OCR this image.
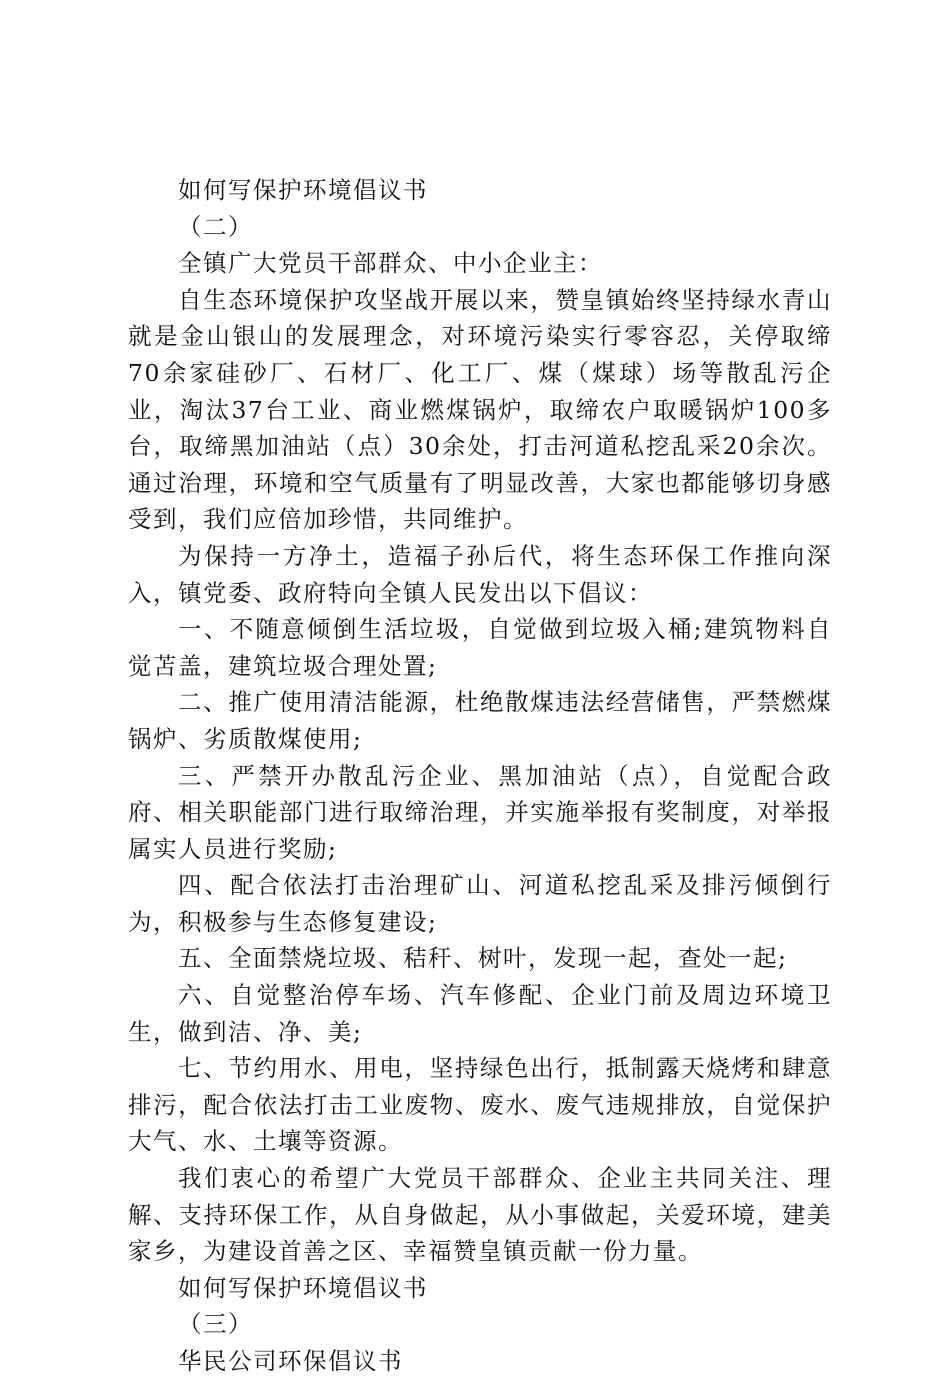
如何写保护环境倡议书

（二）

全镇广大党员干部群众、中小企业主：

自生态环境保护攻坚战开展以来，赞皇镇始终坚持绿水青山就是金山银山的发展理念，对环境污染实行零容忍，关停取缔70余家硅砂厂、石材厂、化工厂、煤（煤球）场等散乱污企业，淘汰37台工业、商业燃煤锅炉，取缔农户取暖锅炉100多台，取缔黑加油站（点）30余处，打击河道私挖乱采20余次。通过治理，环境和空气质量有了明显改善，大家也都能够切身感受到，我们应倍加珍惜，共同维护。

为保持一方净土，造福子孙后代，将生态环保工作推向深入，镇党委、政府特向全镇人民发出以下倡议：

一、不随意倾倒生活垃圾，自觉做到垃圾入桶;建筑物料自觉苫盖，建筑垃圾合理处置;

二、推广使用清洁能源，杜绝散煤违法经营储售，严禁燃煤锅炉、劣质散煤使用;

三、严禁开办散乱污企业、黑加油站（点），自觉配合政府、相关职能部门进行取缔治理，并实施举报有奖制度，对举报属实人员进行奖励;

四、配合依法打击治理矿山、河道私挖乱采及排污倾倒行为，积极参与生态修复建设;

五、全面禁烧垃圾、秸秆、树叶，发现一起，查处一起;

六、自觉整治停车场、汽车修配、企业门前及周边环境卫生，做到洁、净、美;

七、节约用水、用电，坚持绿色出行，抵制露天烧烤和肆意排污，配合依法打击工业废物、废水、废气违规排放，自觉保护大气、水、土壤等资源。

我们衷心的希望广大党员干部群众、企业主共同关注、理解、支持环保工作，从自身做起，从小事做起，关爱环境，建美家乡，为建设首善之区、幸福赞皇镇贡献一份力量。

如何写保护环境倡议书

（三）

华民公司环保倡议书
